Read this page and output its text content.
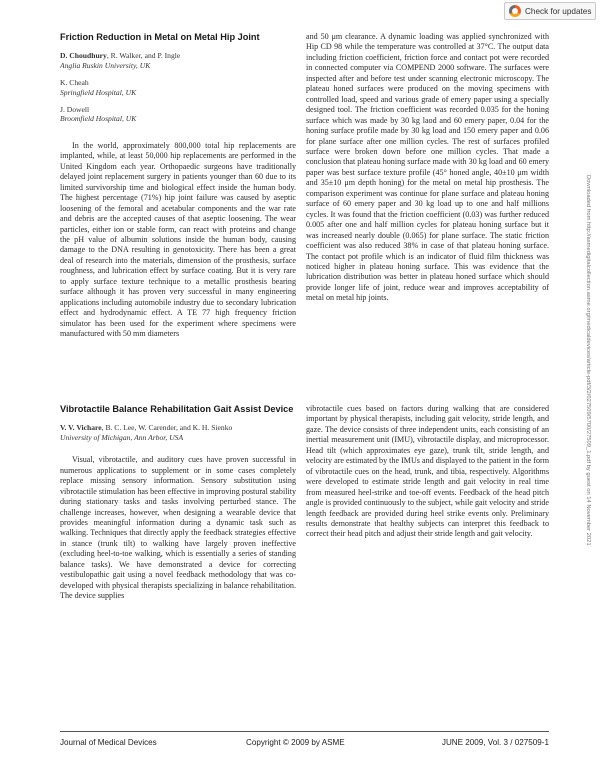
Check for updates
Downloaded from http://asmedigitalcollection.asme.org/medicaldevices/article-pdf/3/2/027509/5700/27509_1.pdf by guest on 14 November 2021
Friction Reduction in Metal on Metal Hip Joint
D. Choudhury, R. Walker, and P. Ingle
Anglia Ruskin University, UK
K. Cheah
Springfield Hospital, UK
J. Dowell
Broomfield Hospital, UK

In the world, approximately 800,000 total hip replacements are implanted, while, at least 50,000 hip replacements are performed in the United Kingdom each year. Orthopaedic surgeons have traditionally delayed joint replacement surgery in patients younger than 60 due to its limited survivorship time and biological effect inside the human body. The highest percentage (71%) hip joint failure was caused by aseptic loosening of the femoral and acetabular components and the war rate and debris are the accepted causes of that aseptic loosening. The wear particles, either ion or stable form, can react with proteins and change the pH value of albumin solutions inside the human body, causing damage to the DNA resulting in genotoxicity. There has been a great deal of research into the materials, dimension of the prosthesis, surface roughness, and lubrication effect by surface coating. But it is very rare to apply surface texture technique to a metallic prosthesis bearing surface although it has proven very successful in many engineering applications including automobile industry due to secondary lubrication effect and hydrodynamic effect. A TE 77 high frequency friction simulator has been used for the experiment where specimens were manufactured with 50 mm diameters

and 50 μm clearance. A dynamic loading was applied synchronized with Hip CD 98 while the temperature was controlled at 37°C. The output data including friction coefficient, friction force and contact pot were recorded in connected computer via COMPEND 2000 software. The surfaces were inspected after and before test under scanning electronic microscopy. The plateau honed surfaces were produced on the moving specimens with controlled load, speed and various grade of emery paper using a specially designed tool. The friction coefficient was recorded 0.035 for the honing surface which was made by 30 kg laod and 60 emery paper, 0.04 for the honing surface profile made by 30 kg load and 150 emery paper and 0.06 for plane surface after one million cycles. The rest of surfaces profiled surface were broken down before one million cycles. That made a conclusion that plateau honing surface made with 30 kg load and 60 emery paper was best surface texture profile (45° honed angle, 40±10 μm width and 35±10 μm depth honing) for the metal on metal hip prosthesis. The comparison experiment was continue for plane surface and plateau honing surface of 60 emery paper and 30 kg load up to one and half millions cycles. It was found that the friction coefficient (0.03) was further reduced 0.005 after one and half million cycles for plateau honing surface but it was increased nearly double (0.065) for plane surface. The static friction coefficient was also reduced 38% in case of that plateau honing surface. The contact pot profile which is an indicator of fluid film thickness was noticed higher in plateau honing surface. This was evidence that the lubrication distribution was better in plateau honed surface which should provide longer life of joint, reduce wear and improves acceptability of metal on metal hip joints.

Vibrotactile Balance Rehabilitation Gait Assist Device
V. V. Vichare, B. C. Lee, W. Carender, and K. H. Sienko
University of Michigan, Ann Arbor, USA

Visual, vibrotactile, and auditory cues have proven successful in numerous applications to supplement or in some cases completely replace missing sensory information. Sensory substitution using vibrotactile stimulation has been effective in improving postural stability during stationary tasks and tasks involving perturbed stance. The challenge increases, however, when designing a wearable device that provides meaningful information during a dynamic task such as walking. Techniques that directly apply the feedback strategies effective in stance (trunk tilt) to walking have largely proven ineffective (excluding heel-to-toe walking, which is essentially a series of standing balance tasks). We have demonstrated a device for correcting vestibulopathic gait using a novel feedback methodology that was co-developed with physical therapists specializing in balance rehabilitation. The device supplies

vibrotactile cues based on factors during walking that are considered important by physical therapists, including gait velocity, stride length, and gaze. The device consists of three independent units, each consisting of an inertial measurement unit (IMU), vibrotactile display, and microprocessor. Head tilt (which approximates eye gaze), trunk tilt, stride length, and velocity are estimated by the IMUs and displayed to the patient in the form of vibrotactile cues on the head, trunk, and tibia, respectively. Algorithms were developed to estimate stride length and gait velocity in real time from measured heel-strike and toe-off events. Feedback of the head pitch angle is provided continuously to the subject, while gait velocity and stride length feedback are provided during heel strike events only. Preliminary results demonstrate that healthy subjects can interpret this feedback to correct their head pitch and adjust their stride length and gait velocity.

Journal of Medical Devices	Copyright © 2009 by ASME	JUNE 2009, Vol. 3 / 027509-1
